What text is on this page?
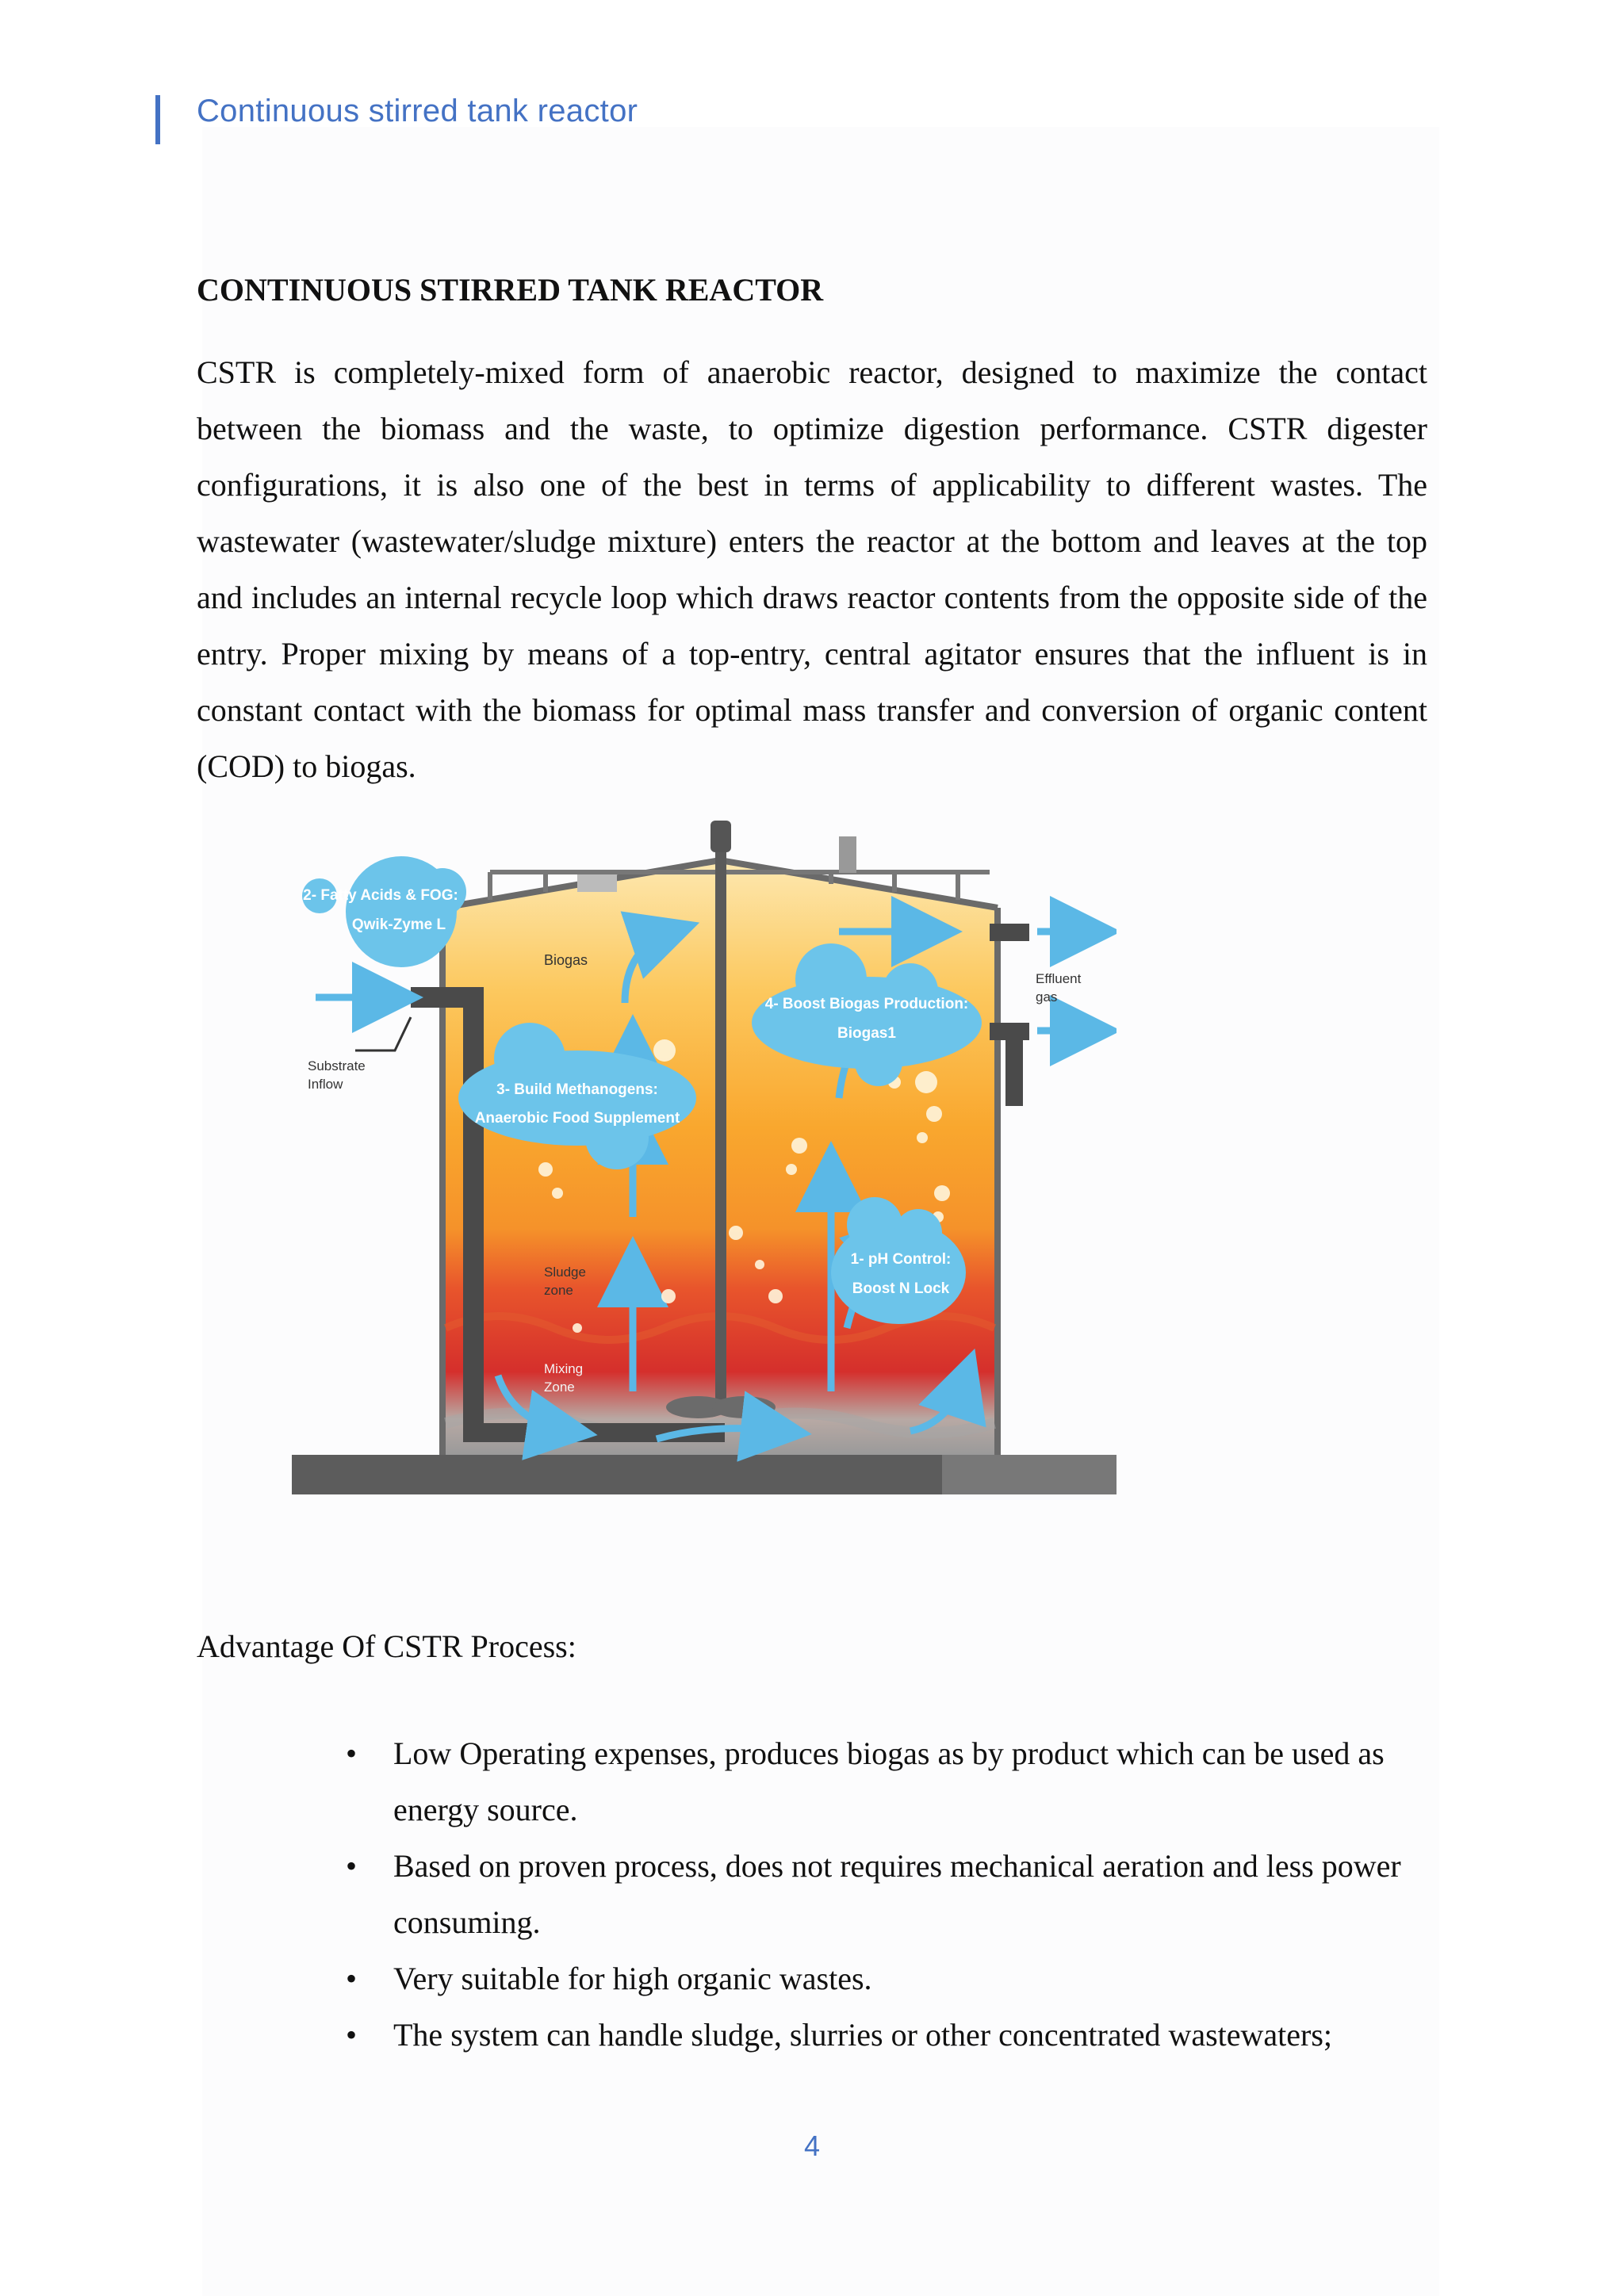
Continuous stirred tank reactor
CONTINUOUS STIRRED TANK REACTOR

CSTR is completely-mixed form of anaerobic reactor, designed to maximize the contact between the biomass and the waste, to optimize digestion performance. CSTR digester configurations, it is also one of the best in terms of applicability to different wastes. The wastewater (wastewater/sludge mixture) enters the reactor at the bottom and leaves at the top and includes an internal recycle loop which draws reactor contents from the opposite side of the entry. Proper mixing by means of a top-entry, central agitator ensures that the influent is in constant contact with the biomass for optimal mass transfer and conversion of organic content (COD) to biogas.

2- Fatty Acids & FOG:
Qwik-Zyme L
3- Build Methanogens:
Anaerobic Food Supplement
4- Boost Biogas Production:
Biogas1
1- pH Control:
Boost N Lock
Biogas
Substrate
Inflow
Effluent
gas
Sludge
zone
Mixing
Zone

Advantage Of CSTR Process:

• Low Operating expenses, produces biogas as by product which can be used as energy source.
• Based on proven process, does not requires mechanical aeration and less power consuming.
• Very suitable for high organic wastes.
• The system can handle sludge, slurries or other concentrated wastewaters;
4
